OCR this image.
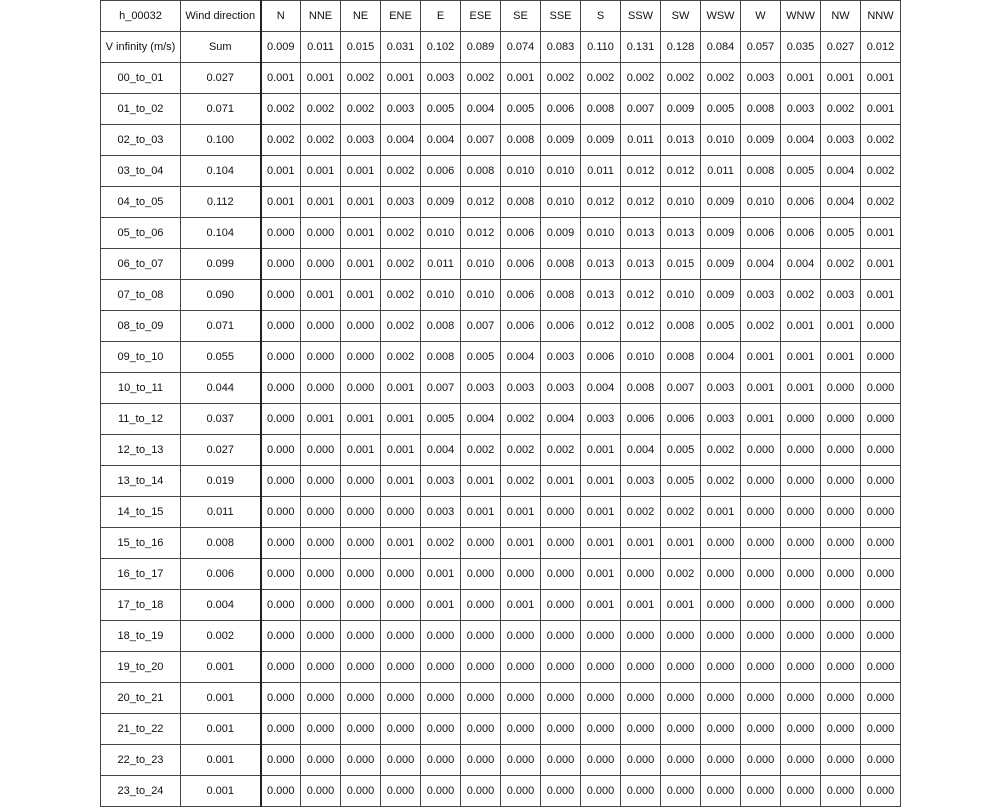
h_00032	Wind direction	N	NNE	NE	ENE	E	ESE	SE	SSE	S	SSW	SW	WSW	W	WNW	NW	NNW
V infinity (m/s)	Sum	0.009	0.011	0.015	0.031	0.102	0.089	0.074	0.083	0.110	0.131	0.128	0.084	0.057	0.035	0.027	0.012
00_to_01	0.027	0.001	0.001	0.002	0.001	0.003	0.002	0.001	0.002	0.002	0.002	0.002	0.002	0.003	0.001	0.001	0.001
01_to_02	0.071	0.002	0.002	0.002	0.003	0.005	0.004	0.005	0.006	0.008	0.007	0.009	0.005	0.008	0.003	0.002	0.001
02_to_03	0.100	0.002	0.002	0.003	0.004	0.004	0.007	0.008	0.009	0.009	0.011	0.013	0.010	0.009	0.004	0.003	0.002
03_to_04	0.104	0.001	0.001	0.001	0.002	0.006	0.008	0.010	0.010	0.011	0.012	0.012	0.011	0.008	0.005	0.004	0.002
04_to_05	0.112	0.001	0.001	0.001	0.003	0.009	0.012	0.008	0.010	0.012	0.012	0.010	0.009	0.010	0.006	0.004	0.002
05_to_06	0.104	0.000	0.000	0.001	0.002	0.010	0.012	0.006	0.009	0.010	0.013	0.013	0.009	0.006	0.006	0.005	0.001
06_to_07	0.099	0.000	0.000	0.001	0.002	0.011	0.010	0.006	0.008	0.013	0.013	0.015	0.009	0.004	0.004	0.002	0.001
07_to_08	0.090	0.000	0.001	0.001	0.002	0.010	0.010	0.006	0.008	0.013	0.012	0.010	0.009	0.003	0.002	0.003	0.001
08_to_09	0.071	0.000	0.000	0.000	0.002	0.008	0.007	0.006	0.006	0.012	0.012	0.008	0.005	0.002	0.001	0.001	0.000
09_to_10	0.055	0.000	0.000	0.000	0.002	0.008	0.005	0.004	0.003	0.006	0.010	0.008	0.004	0.001	0.001	0.001	0.000
10_to_11	0.044	0.000	0.000	0.000	0.001	0.007	0.003	0.003	0.003	0.004	0.008	0.007	0.003	0.001	0.001	0.000	0.000
11_to_12	0.037	0.000	0.001	0.001	0.001	0.005	0.004	0.002	0.004	0.003	0.006	0.006	0.003	0.001	0.000	0.000	0.000
12_to_13	0.027	0.000	0.000	0.001	0.001	0.004	0.002	0.002	0.002	0.001	0.004	0.005	0.002	0.000	0.000	0.000	0.000
13_to_14	0.019	0.000	0.000	0.000	0.001	0.003	0.001	0.002	0.001	0.001	0.003	0.005	0.002	0.000	0.000	0.000	0.000
14_to_15	0.011	0.000	0.000	0.000	0.000	0.003	0.001	0.001	0.000	0.001	0.002	0.002	0.001	0.000	0.000	0.000	0.000
15_to_16	0.008	0.000	0.000	0.000	0.001	0.002	0.000	0.001	0.000	0.001	0.001	0.001	0.000	0.000	0.000	0.000	0.000
16_to_17	0.006	0.000	0.000	0.000	0.000	0.001	0.000	0.000	0.000	0.001	0.000	0.002	0.000	0.000	0.000	0.000	0.000
17_to_18	0.004	0.000	0.000	0.000	0.000	0.001	0.000	0.001	0.000	0.001	0.001	0.001	0.000	0.000	0.000	0.000	0.000
18_to_19	0.002	0.000	0.000	0.000	0.000	0.000	0.000	0.000	0.000	0.000	0.000	0.000	0.000	0.000	0.000	0.000	0.000
19_to_20	0.001	0.000	0.000	0.000	0.000	0.000	0.000	0.000	0.000	0.000	0.000	0.000	0.000	0.000	0.000	0.000	0.000
20_to_21	0.001	0.000	0.000	0.000	0.000	0.000	0.000	0.000	0.000	0.000	0.000	0.000	0.000	0.000	0.000	0.000	0.000
21_to_22	0.001	0.000	0.000	0.000	0.000	0.000	0.000	0.000	0.000	0.000	0.000	0.000	0.000	0.000	0.000	0.000	0.000
22_to_23	0.001	0.000	0.000	0.000	0.000	0.000	0.000	0.000	0.000	0.000	0.000	0.000	0.000	0.000	0.000	0.000	0.000
23_to_24	0.001	0.000	0.000	0.000	0.000	0.000	0.000	0.000	0.000	0.000	0.000	0.000	0.000	0.000	0.000	0.000	0.000
